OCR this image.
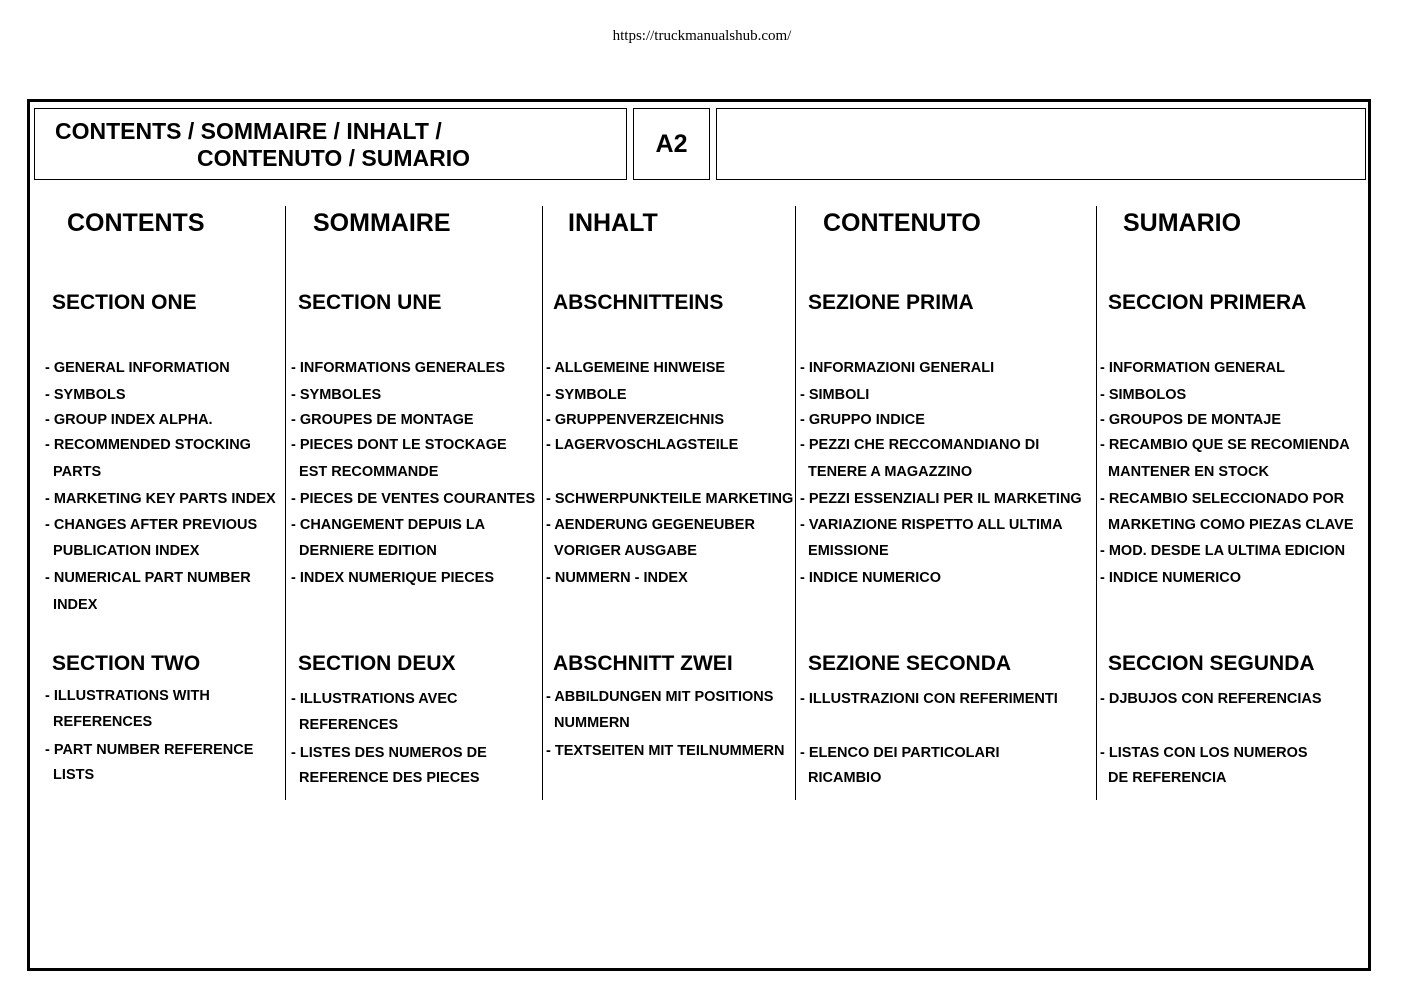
https://truckmanualshub.com/
CONTENTS / SOMMAIRE / INHALT /
CONTENUTO / SUMARIO	A2
CONTENTS
SECTION ONE
- GENERAL INFORMATION
- SYMBOLS
- GROUP INDEX ALPHA.
- RECOMMENDED STOCKING
PARTS
- MARKETING KEY PARTS INDEX
- CHANGES AFTER PREVIOUS
PUBLICATION INDEX
- NUMERICAL PART NUMBER
INDEX
SECTION TWO
- ILLUSTRATIONS WITH
REFERENCES
- PART NUMBER REFERENCE
LISTS
SOMMAIRE
SECTION UNE
- INFORMATIONS GENERALES
- SYMBOLES
- GROUPES DE MONTAGE
- PIECES DONT LE STOCKAGE
EST RECOMMANDE
- PIECES DE VENTES COURANTES
- CHANGEMENT DEPUIS LA
DERNIERE EDITION
- INDEX NUMERIQUE PIECES
SECTION DEUX
- ILLUSTRATIONS AVEC
REFERENCES
- LISTES DES NUMEROS DE
REFERENCE DES PIECES
INHALT
ABSCHNITTEINS
- ALLGEMEINE HINWEISE
- SYMBOLE
- GRUPPENVERZEICHNIS
- LAGERVOSCHLAGSTEILE
- SCHWERPUNKTEILE MARKETING
- AENDERUNG GEGENEUBER
VORIGER AUSGABE
- NUMMERN - INDEX
ABSCHNITT ZWEI
- ABBILDUNGEN MIT POSITIONS
NUMMERN
- TEXTSEITEN MIT TEILNUMMERN
CONTENUTO
SEZIONE PRIMA
- INFORMAZIONI GENERALI
- SIMBOLI
- GRUPPO INDICE
- PEZZI CHE RECCOMANDIANO DI
TENERE A MAGAZZINO
- PEZZI ESSENZIALI PER IL MARKETING
- VARIAZIONE RISPETTO ALL ULTIMA
EMISSIONE
- INDICE NUMERICO
SEZIONE SECONDA
- ILLUSTRAZIONI CON REFERIMENTI
- ELENCO DEI PARTICOLARI
RICAMBIO
SUMARIO
SECCION PRIMERA
- INFORMATION GENERAL
- SIMBOLOS
- GROUPOS DE MONTAJE
- RECAMBIO QUE SE RECOMIENDA
MANTENER EN STOCK
- RECAMBIO SELECCIONADO POR
MARKETING COMO PIEZAS CLAVE
- MOD. DESDE LA ULTIMA EDICION
- INDICE NUMERICO
SECCION SEGUNDA
- DJBUJOS CON REFERENCIAS
- LISTAS CON LOS NUMEROS
DE REFERENCIA
